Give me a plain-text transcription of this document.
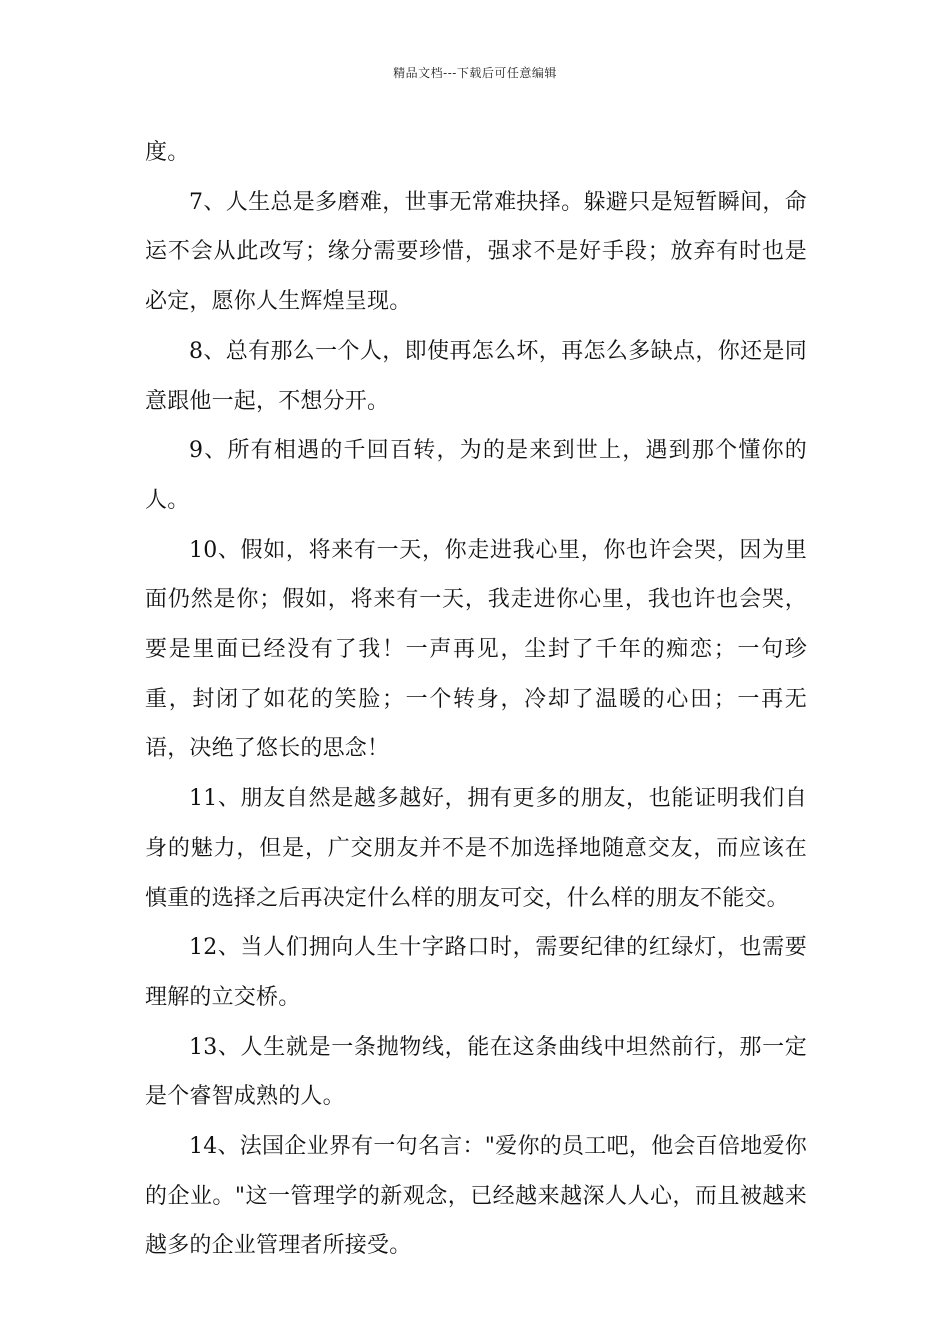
精品文档---下载后可任意编辑

度。

7、人生总是多磨难，世事无常难抉择。躲避只是短暂瞬间，命运不会从此改写；缘分需要珍惜，强求不是好手段；放弃有时也是必定，愿你人生辉煌呈现。

8、总有那么一个人，即使再怎么坏，再怎么多缺点，你还是同意跟他一起，不想分开。

9、所有相遇的千回百转，为的是来到世上，遇到那个懂你的人。

10、假如，将来有一天，你走进我心里，你也许会哭，因为里面仍然是你；假如，将来有一天，我走进你心里，我也许也会哭，要是里面已经没有了我！一声再见，尘封了千年的痴恋；一句珍重，封闭了如花的笑脸；一个转身，冷却了温暖的心田；一再无语，决绝了悠长的思念！

11、朋友自然是越多越好，拥有更多的朋友，也能证明我们自身的魅力，但是，广交朋友并不是不加选择地随意交友，而应该在慎重的选择之后再决定什么样的朋友可交，什么样的朋友不能交。

12、当人们拥向人生十字路口时，需要纪律的红绿灯，也需要理解的立交桥。

13、人生就是一条抛物线，能在这条曲线中坦然前行，那一定是个睿智成熟的人。

14、法国企业界有一句名言："爱你的员工吧，他会百倍地爱你的企业。"这一管理学的新观念，已经越来越深人人心，而且被越来越多的企业管理者所接受。
